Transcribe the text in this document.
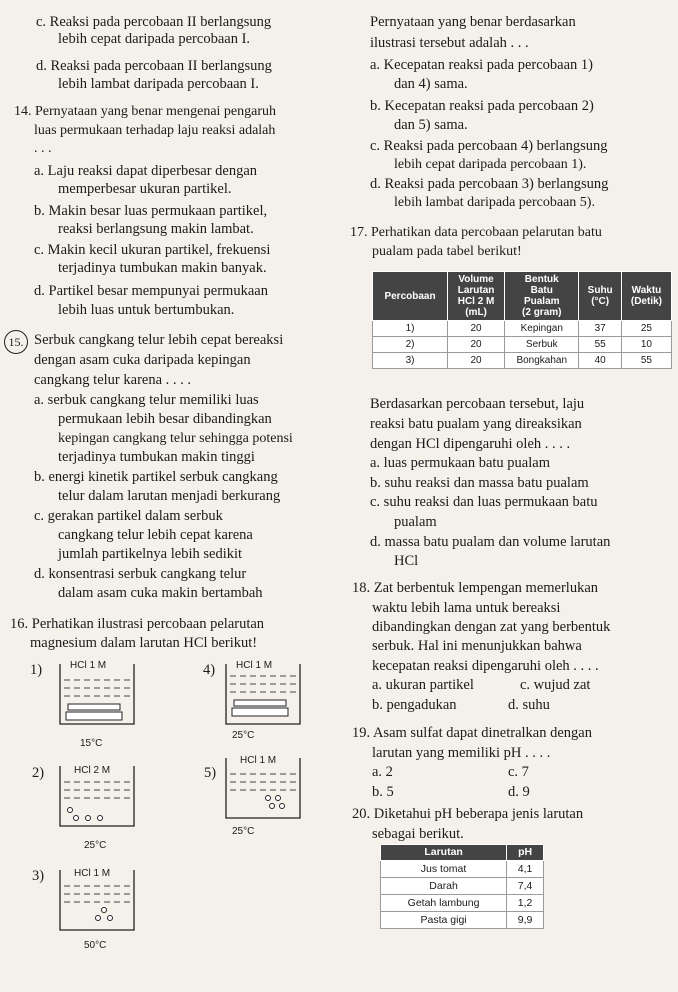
c. Reaksi pada percobaan II berlangsung
lebih cepat daripada percobaan I.
d. Reaksi pada percobaan II berlangsung
lebih lambat daripada percobaan I.
14. Pernyataan yang benar mengenai pengaruh
luas permukaan terhadap laju reaksi adalah
. . .
a. Laju reaksi dapat diperbesar dengan
memperbesar ukuran partikel.
b. Makin besar luas permukaan partikel,
reaksi berlangsung makin lambat.
c. Makin kecil ukuran partikel, frekuensi
terjadinya tumbukan makin banyak.
d. Partikel besar mempunyai permukaan
lebih luas untuk bertumbukan.
15. Serbuk cangkang telur lebih cepat bereaksi
dengan asam cuka daripada kepingan
cangkang telur karena . . . .
a. serbuk cangkang telur memiliki luas
permukaan lebih besar dibandingkan
kepingan cangkang telur sehingga potensi
terjadinya tumbukan makin tinggi
b. energi kinetik partikel serbuk cangkang
telur dalam larutan menjadi berkurang
c. gerakan partikel dalam serbuk
cangkang telur lebih cepat karena
jumlah partikelnya lebih sedikit
d. konsentrasi serbuk cangkang telur
dalam asam cuka makin bertambah
16. Perhatikan ilustrasi percobaan pelarutan
magnesium dalam larutan HCl berikut!
1)	HCl 1 M
15°C
4) HCl 1 M
25°C
2)	HCl 2 M
25°C
5)
HCl 1 M
25°C
3)	HCl 1 M
50°C
Pernyataan yang benar berdasarkan
ilustrasi tersebut adalah . . .
a. Kecepatan reaksi pada percobaan 1)
dan 4) sama.
b. Kecepatan reaksi pada percobaan 2)
dan 5) sama.
c. Reaksi pada percobaan 4) berlangsung
lebih cepat daripada percobaan 1).
d. Reaksi pada percobaan 3) berlangsung
lebih lambat daripada percobaan 5).
17. Perhatikan data percobaan pelarutan batu
pualam pada tabel berikut!
Percobaan	Volume
Larutan
HCl 2 M
(mL)	Bentuk
Batu
Pualam
(2 gram)	Suhu
(°C)	Waktu
(Detik)
1)	20	Kepingan	37	25
2)	20	Serbuk	55	10
3)	20	Bongkahan	40	55
Berdasarkan percobaan tersebut, laju
reaksi batu pualam yang direaksikan
dengan HCl dipengaruhi oleh . . . .
a. luas permukaan batu pualam
b. suhu reaksi dan massa batu pualam
c. suhu reaksi dan luas permukaan batu
pualam
d. massa batu pualam dan volume larutan
HCl
18. Zat berbentuk lempengan memerlukan
waktu lebih lama untuk bereaksi
dibandingkan dengan zat yang berbentuk
serbuk. Hal ini menunjukkan bahwa
kecepatan reaksi dipengaruhi oleh . . . .
a. ukuran partikel	c. wujud zat
b. pengadukan	d. suhu
19. Asam sulfat dapat dinetralkan dengan
larutan yang memiliki pH . . . .
a. 2	c. 7
b. 5	d. 9
20. Diketahui pH beberapa jenis larutan
sebagai berikut.
Larutan	pH
Jus tomat	4,1
Darah	7,4
Getah lambung	1,2
Pasta gigi	9,9
